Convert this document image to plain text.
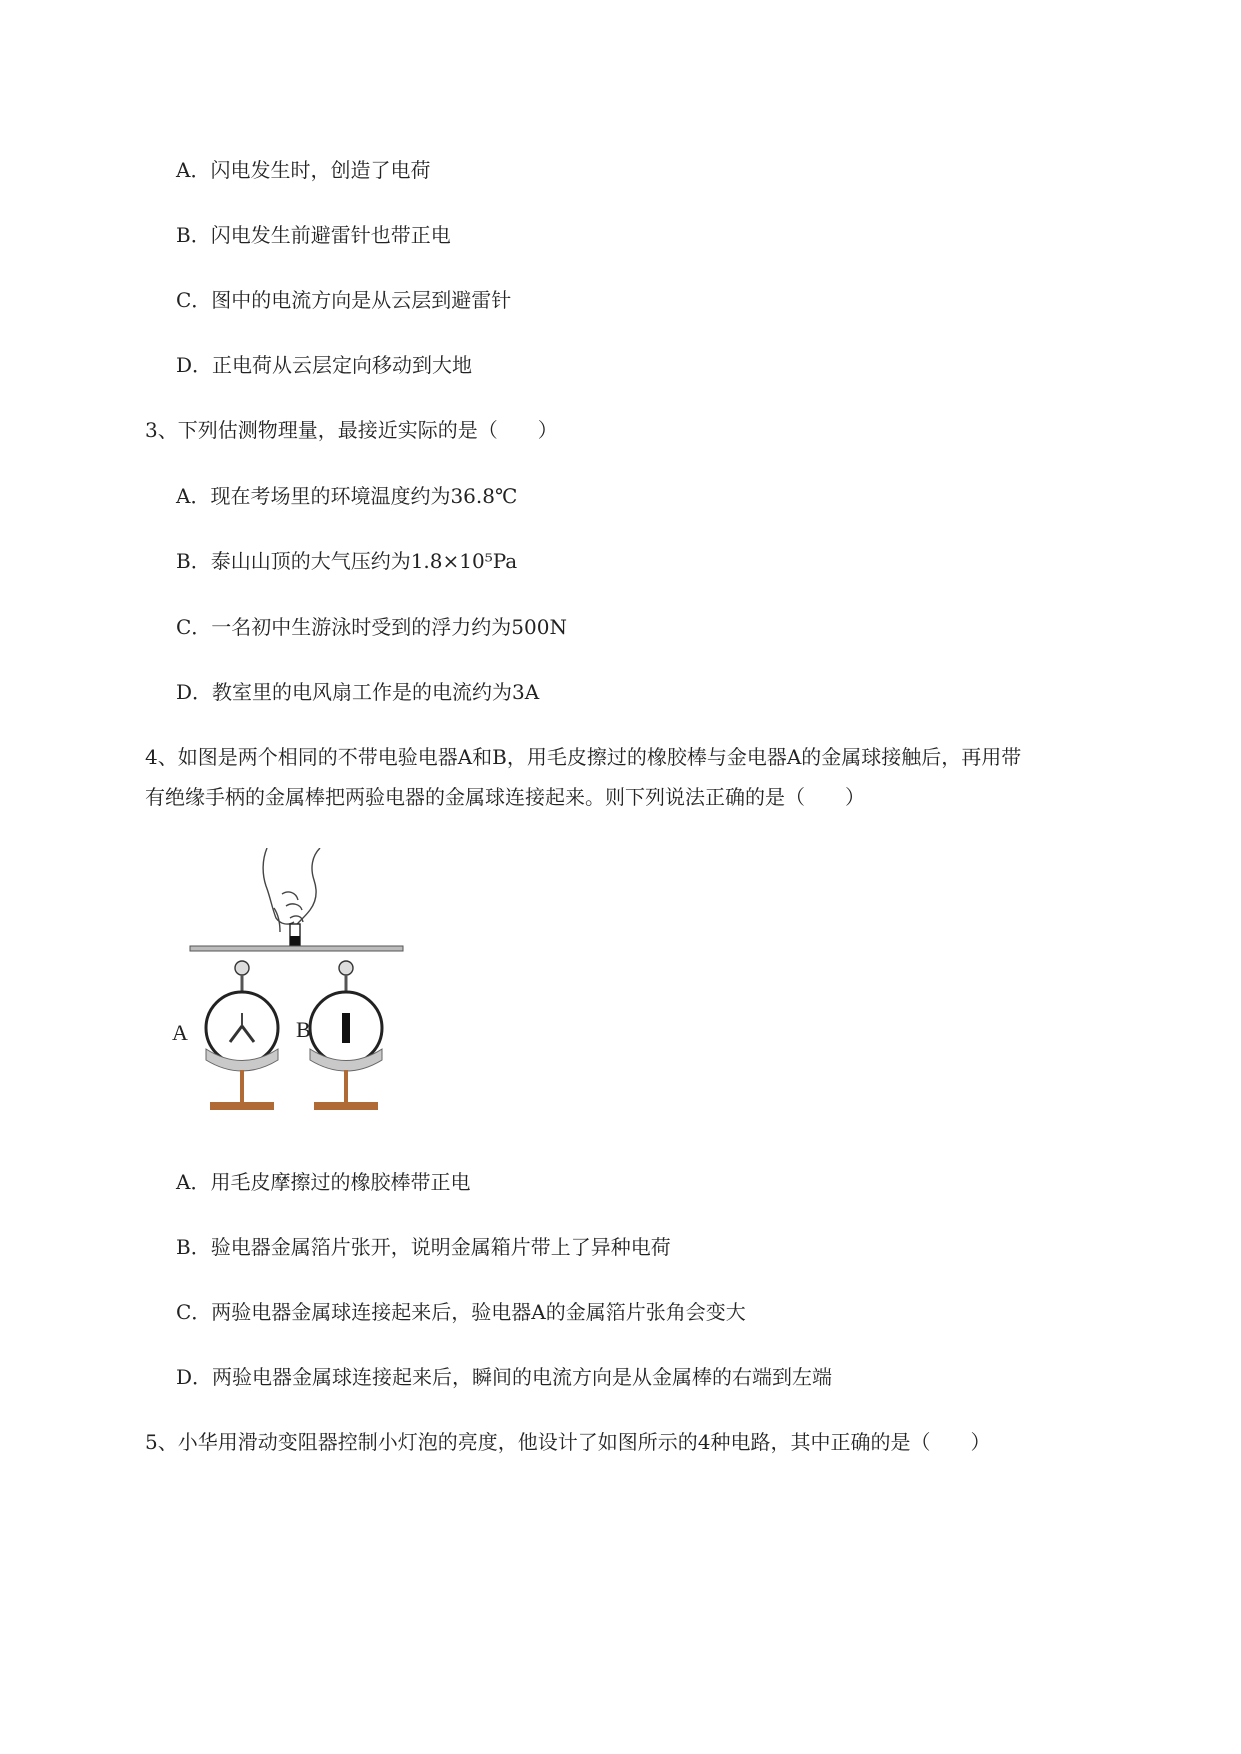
A．闪电发生时，创造了电荷
B．闪电发生前避雷针也带正电
C．图中的电流方向是从云层到避雷针
D．正电荷从云层定向移动到大地
3、下列估测物理量，最接近实际的是（　　）
A．现在考场里的环境温度约为36.8℃
B．泰山山顶的大气压约为1.8×10⁵Pa
C．一名初中生游泳时受到的浮力约为500N
D．教室里的电风扇工作是的电流约为3A
4、如图是两个相同的不带电验电器A和B，用毛皮擦过的橡胶棒与金电器A的金属球接触后，再用带
有绝缘手柄的金属棒把两验电器的金属球连接起来。则下列说法正确的是（　　）
A	B
A．用毛皮摩擦过的橡胶棒带正电
B．验电器金属箔片张开，说明金属箱片带上了异种电荷
C．两验电器金属球连接起来后，验电器A的金属箔片张角会变大
D．两验电器金属球连接起来后，瞬间的电流方向是从金属棒的右端到左端
5、小华用滑动变阻器控制小灯泡的亮度，他设计了如图所示的4种电路，其中正确的是（　　）
